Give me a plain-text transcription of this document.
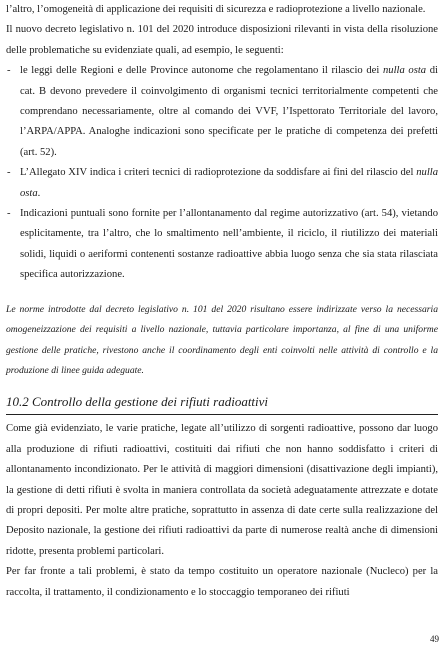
l’altro, l’omogeneità di applicazione dei requisiti di sicurezza e radioprotezione a livello nazionale.

Il nuovo decreto legislativo n. 101 del 2020 introduce disposizioni rilevanti in vista della risoluzione delle problematiche su evidenziate quali, ad esempio, le seguenti:

- le leggi delle Regioni e delle Province autonome che regolamentano il rilascio dei nulla osta di cat. B devono prevedere il coinvolgimento di organismi tecnici territorialmente competenti che comprendano necessariamente, oltre al comando dei VVF, l’Ispettorato Territoriale del lavoro, l’ARPA/APPA. Analoghe indicazioni sono specificate per le pratiche di competenza dei prefetti (art. 52).
- L’Allegato XIV indica i criteri tecnici di radioprotezione da soddisfare ai fini del rilascio del nulla osta.
- Indicazioni puntuali sono fornite per l’allontanamento dal regime autorizzativo (art. 54), vietando esplicitamente, tra l’altro, che lo smaltimento nell’ambiente, il riciclo, il riutilizzo dei materiali solidi, liquidi o aeriformi contenenti sostanze radioattive abbia luogo senza che sia stata rilasciata specifica autorizzazione.

Le norme introdotte dal decreto legislativo n. 101 del 2020 risultano essere indirizzate verso la necessaria omogeneizzazione dei requisiti a livello nazionale, tuttavia particolare importanza, al fine di una uniforme gestione delle pratiche, rivestono anche il coordinamento degli enti coinvolti nelle attività di controllo e la produzione di linee guida adeguate.

10.2 Controllo della gestione dei rifiuti radioattivi

Come già evidenziato, le varie pratiche, legate all’utilizzo di sorgenti radioattive, possono dar luogo alla produzione di rifiuti radioattivi, costituiti dai rifiuti che non hanno soddisfatto i criteri di allontanamento incondizionato. Per le attività di maggiori dimensioni (disattivazione degli impianti), la gestione di detti rifiuti è svolta in maniera controllata da società adeguatamente attrezzate e dotate di propri depositi. Per molte altre pratiche, soprattutto in assenza di date certe sulla realizzazione del Deposito nazionale, la gestione dei rifiuti radioattivi da parte di numerose realtà anche di dimensioni ridotte, presenta problemi particolari.

Per far fronte a tali problemi, è stato da tempo costituito un operatore nazionale (Nucleco) per la raccolta, il trattamento, il condizionamento e lo stoccaggio temporaneo dei rifiuti

49
